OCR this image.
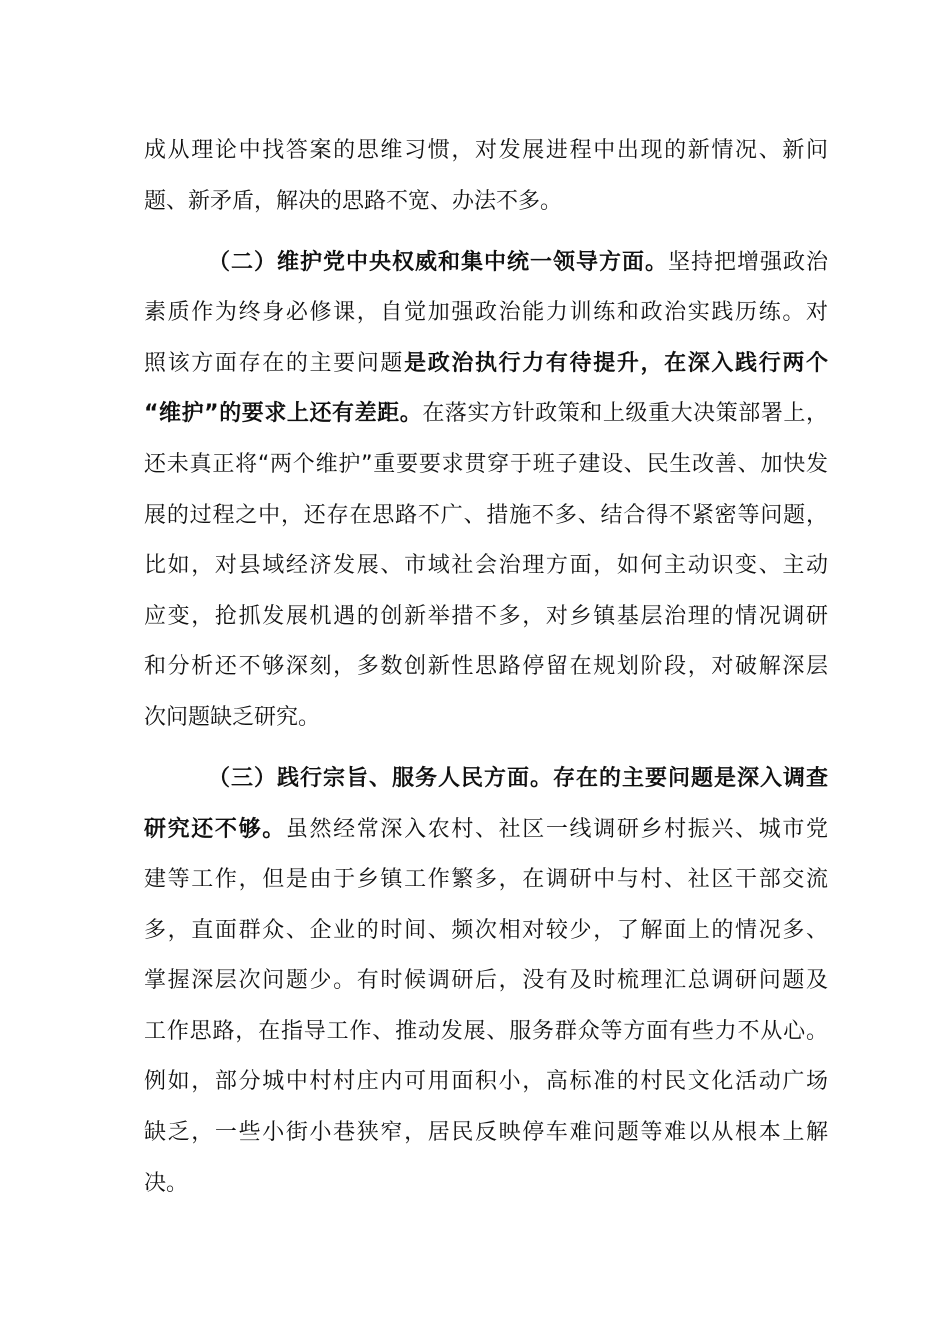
成从理论中找答案的思维习惯，对发展进程中出现的新情况、新问
题、新矛盾，解决的思路不宽、办法不多。
（二）维护党中央权威和集中统一领导方面。坚持把增强政治
素质作为终身必修课，自觉加强政治能力训练和政治实践历练。对
照该方面存在的主要问题是政治执行力有待提升，在深入践行两个
“维护”的要求上还有差距。在落实方针政策和上级重大决策部署上，
还未真正将“两个维护”重要要求贯穿于班子建设、民生改善、加快发
展的过程之中，还存在思路不广、措施不多、结合得不紧密等问题，
比如，对县域经济发展、市域社会治理方面，如何主动识变、主动
应变，抢抓发展机遇的创新举措不多，对乡镇基层治理的情况调研
和分析还不够深刻，多数创新性思路停留在规划阶段，对破解深层
次问题缺乏研究。
（三）践行宗旨、服务人民方面。存在的主要问题是深入调查
研究还不够。虽然经常深入农村、社区一线调研乡村振兴、城市党
建等工作，但是由于乡镇工作繁多，在调研中与村、社区干部交流
多，直面群众、企业的时间、频次相对较少，了解面上的情况多、
掌握深层次问题少。有时候调研后，没有及时梳理汇总调研问题及
工作思路，在指导工作、推动发展、服务群众等方面有些力不从心。
例如，部分城中村村庄内可用面积小，高标准的村民文化活动广场
缺乏，一些小街小巷狭窄，居民反映停车难问题等难以从根本上解
决。
